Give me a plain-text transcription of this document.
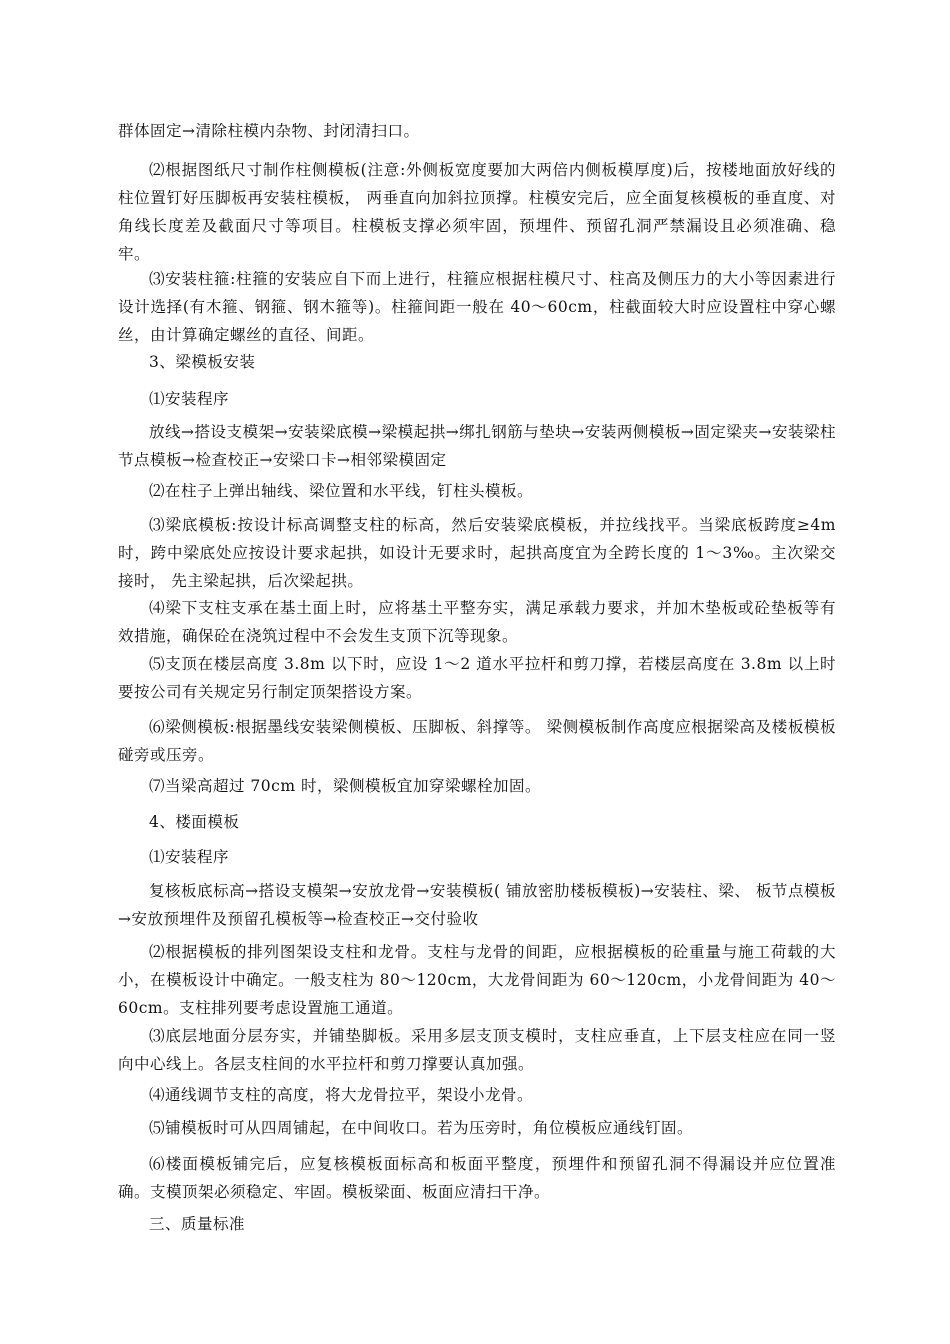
群体固定→清除柱模内杂物、封闭清扫口。

⑵根据图纸尺寸制作柱侧模板(注意:外侧板宽度要加大两倍内侧板模厚度)后，按楼地面放好线的柱位置钉好压脚板再安装柱模板， 两垂直向加斜拉顶撑。柱模安完后，应全面复核模板的垂直度、对角线长度差及截面尺寸等项目。柱模板支撑必须牢固，预埋件、预留孔洞严禁漏设且必须准确、稳牢。

⑶安装柱箍:柱箍的安装应自下而上进行，柱箍应根据柱模尺寸、柱高及侧压力的大小等因素进行设计选择(有木箍、钢箍、钢木箍等)。柱箍间距一般在 40～60cm，柱截面较大时应设置柱中穿心螺丝，由计算确定螺丝的直径、间距。

3、梁模板安装

⑴安装程序

放线→搭设支模架→安装梁底模→梁模起拱→绑扎钢筋与垫块→安装两侧模板→固定梁夹→安装梁柱节点模板→检查校正→安梁口卡→相邻梁模固定

⑵在柱子上弹出轴线、梁位置和水平线，钉柱头模板。

⑶梁底模板:按设计标高调整支柱的标高，然后安装梁底模板，并拉线找平。当梁底板跨度≥4m 时，跨中梁底处应按设计要求起拱，如设计无要求时，起拱高度宜为全跨长度的 1～3‰。主次梁交接时， 先主梁起拱，后次梁起拱。

⑷梁下支柱支承在基土面上时，应将基土平整夯实，满足承载力要求，并加木垫板或砼垫板等有效措施，确保砼在浇筑过程中不会发生支顶下沉等现象。

⑸支顶在楼层高度 3.8m 以下时，应设 1～2 道水平拉杆和剪刀撑，若楼层高度在 3.8m 以上时要按公司有关规定另行制定顶架搭设方案。

⑹梁侧模板:根据墨线安装梁侧模板、压脚板、斜撑等。 梁侧模板制作高度应根据梁高及楼板模板碰旁或压旁。

⑺当梁高超过 70cm 时，梁侧模板宜加穿梁螺栓加固。

4、楼面模板

⑴安装程序

复核板底标高→搭设支模架→安放龙骨→安装模板( 铺放密肋楼板模板)→安装柱、梁、 板节点模板→安放预埋件及预留孔模板等→检查校正→交付验收

⑵根据模板的排列图架设支柱和龙骨。支柱与龙骨的间距，应根据模板的砼重量与施工荷载的大小，在模板设计中确定。一般支柱为 80～120cm，大龙骨间距为 60～120cm，小龙骨间距为 40～60cm。支柱排列要考虑设置施工通道。

⑶底层地面分层夯实，并铺垫脚板。采用多层支顶支模时，支柱应垂直，上下层支柱应在同一竖向中心线上。各层支柱间的水平拉杆和剪刀撑要认真加强。

⑷通线调节支柱的高度，将大龙骨拉平，架设小龙骨。

⑸铺模板时可从四周铺起，在中间收口。若为压旁时，角位模板应通线钉固。

⑹楼面模板铺完后，应复核模板面标高和板面平整度，预埋件和预留孔洞不得漏设并应位置准确。支模顶架必须稳定、牢固。模板梁面、板面应清扫干净。

三、质量标准
